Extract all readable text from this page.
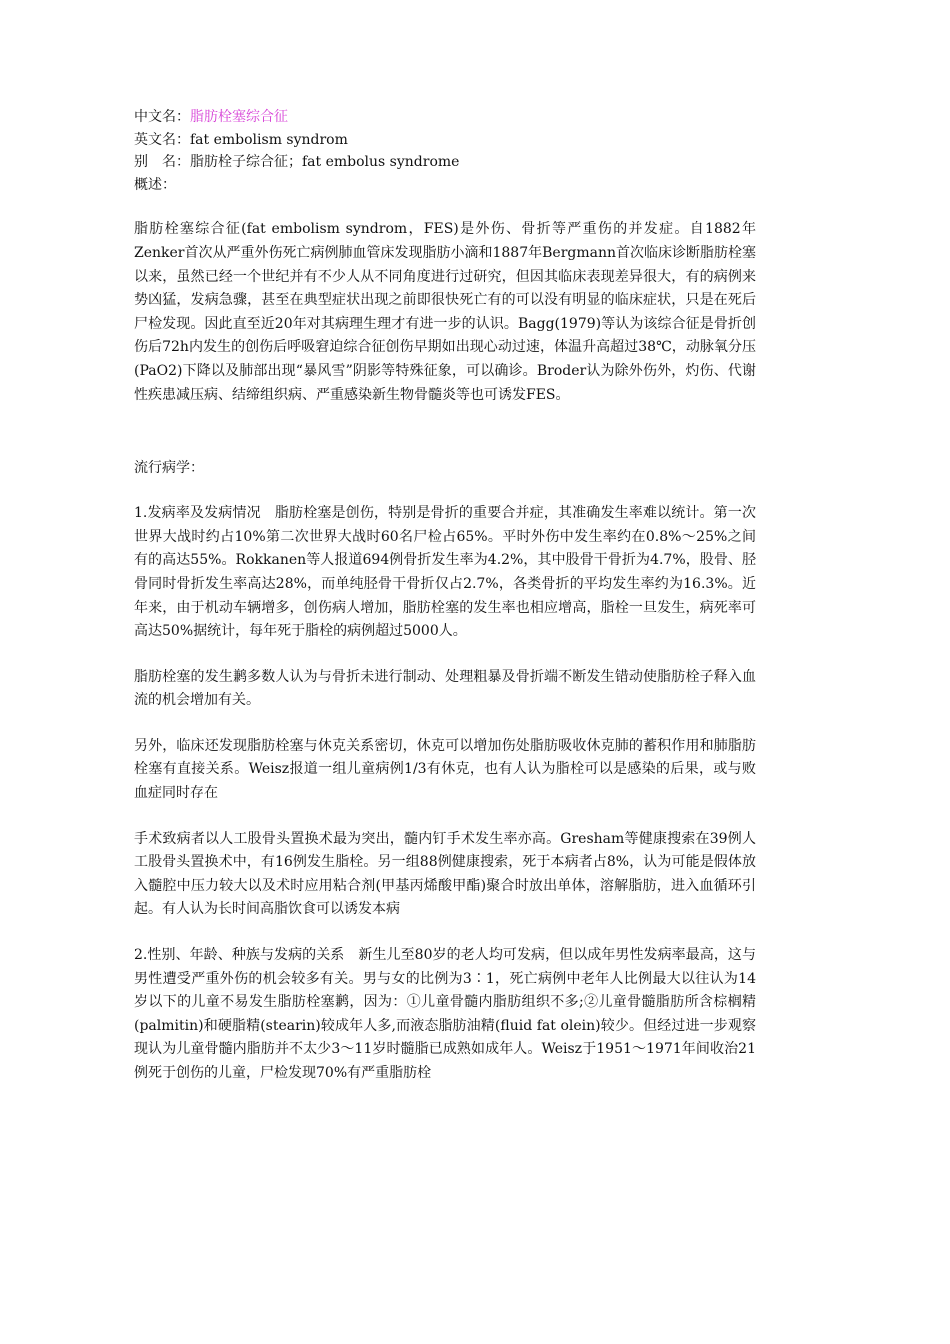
中文名：脂肪栓塞综合征
英文名：fat embolism syndrom
别　名：脂肪栓子综合征；fat embolus syndrome
概述：

脂肪栓塞综合征(fat embolism syndrom，FES)是外伤、骨折等严重伤的并发症。自1882年Zenker首次从严重外伤死亡病例肺血管床发现脂肪小滴和1887年Bergmann首次临床诊断脂肪栓塞以来，虽然已经一个世纪并有不少人从不同角度进行过研究，但因其临床表现差异很大，有的病例来势凶猛，发病急骤，甚至在典型症状出现之前即很快死亡有的可以没有明显的临床症状，只是在死后尸检发现。因此直至近20年对其病理生理才有进一步的认识。Bagg(1979)等认为该综合征是骨折创伤后72h内发生的创伤后呼吸窘迫综合征创伤早期如出现心动过速，体温升高超过38℃，动脉氧分压(PaO2)下降以及肺部出现“暴风雪”阴影等特殊征象，可以确诊。Broder认为除外伤外，灼伤、代谢性疾患减压病、结缔组织病、严重感染新生物骨髓炎等也可诱发FES。

流行病学：

1.发病率及发病情况　脂肪栓塞是创伤，特别是骨折的重要合并症，其准确发生率难以统计。第一次世界大战时约占10%第二次世界大战时60名尸检占65%。平时外伤中发生率约在0.8%～25%之间有的高达55%。Rokkanen等人报道694例骨折发生率为4.2%，其中股骨干骨折为4.7%，股骨、胫骨同时骨折发生率高达28%，而单纯胫骨干骨折仅占2.7%，各类骨折的平均发生率约为16.3%。近年来，由于机动车辆增多，创伤病人增加，脂肪栓塞的发生率也相应增高，脂栓一旦发生，病死率可高达50%据统计，每年死于脂栓的病例超过5000人。

脂肪栓塞的发生鹣多数人认为与骨折未进行制动、处理粗暴及骨折端不断发生错动使脂肪栓子释入血流的机会增加有关。

另外，临床还发现脂肪栓塞与休克关系密切，休克可以增加伤处脂肪吸收休克肺的蓄积作用和肺脂肪栓塞有直接关系。Weisz报道一组儿童病例1/3有休克，也有人认为脂栓可以是感染的后果，或与败血症同时存在

手术致病者以人工股骨头置换术最为突出，髓内钉手术发生率亦高。Gresham等健康搜索在39例人工股骨头置换术中，有16例发生脂栓。另一组88例健康搜索，死于本病者占8%，认为可能是假体放入髓腔中压力较大以及术时应用粘合剂(甲基丙烯酸甲酯)聚合时放出单体，溶解脂肪，进入血循环引起。有人认为长时间高脂饮食可以诱发本病

2.性别、年龄、种族与发病的关系　新生儿至80岁的老人均可发病，但以成年男性发病率最高，这与男性遭受严重外伤的机会较多有关。男与女的比例为3∶1，死亡病例中老年人比例最大以往认为14岁以下的儿童不易发生脂肪栓塞鹣，因为：①儿童骨髓内脂肪组织不多;②儿童骨髓脂肪所含棕榈精(palmitin)和硬脂精(stearin)较成年人多,而液态脂肪油精(fluid fat olein)较少。但经过进一步观察现认为儿童骨髓内脂肪并不太少3～11岁时髓脂已成熟如成年人。Weisz于1951～1971年间收治21例死于创伤的儿童，尸检发现70%有严重脂肪栓
